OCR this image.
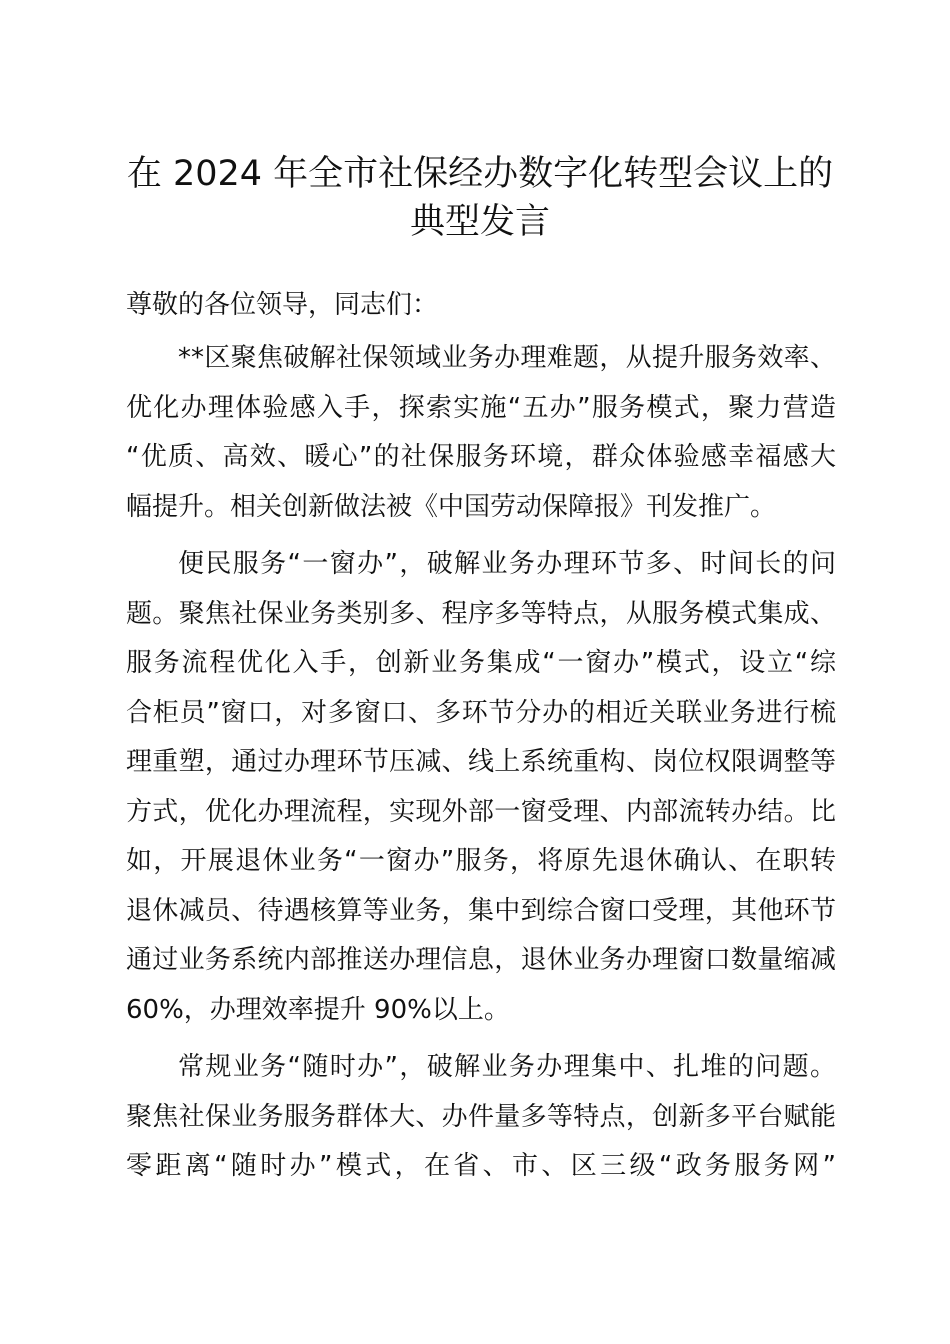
在 2024 年全市社保经办数字化转型会议上的
典型发言

尊敬的各位领导，同志们：

**区聚焦破解社保领域业务办理难题，从提升服务效率、
优化办理体验感入手，探索实施“五办”服务模式，聚力营造
“优质、高效、暖心”的社保服务环境，群众体验感幸福感大
幅提升。相关创新做法被《中国劳动保障报》刊发推广。
便民服务“一窗办”，破解业务办理环节多、时间长的问
题。聚焦社保业务类别多、程序多等特点，从服务模式集成、
服务流程优化入手，创新业务集成“一窗办”模式，设立“综
合柜员”窗口，对多窗口、多环节分办的相近关联业务进行梳
理重塑，通过办理环节压减、线上系统重构、岗位权限调整等
方式，优化办理流程，实现外部一窗受理、内部流转办结。比
如，开展退休业务“一窗办”服务，将原先退休确认、在职转
退休减员、待遇核算等业务，集中到综合窗口受理，其他环节
通过业务系统内部推送办理信息，退休业务办理窗口数量缩减
60%，办理效率提升 90%以上。
常规业务“随时办”，破解业务办理集中、扎堆的问题。
聚焦社保业务服务群体大、办件量多等特点，创新多平台赋能
零距离“随时办”模式，在省、市、区三级“政务服务网”
